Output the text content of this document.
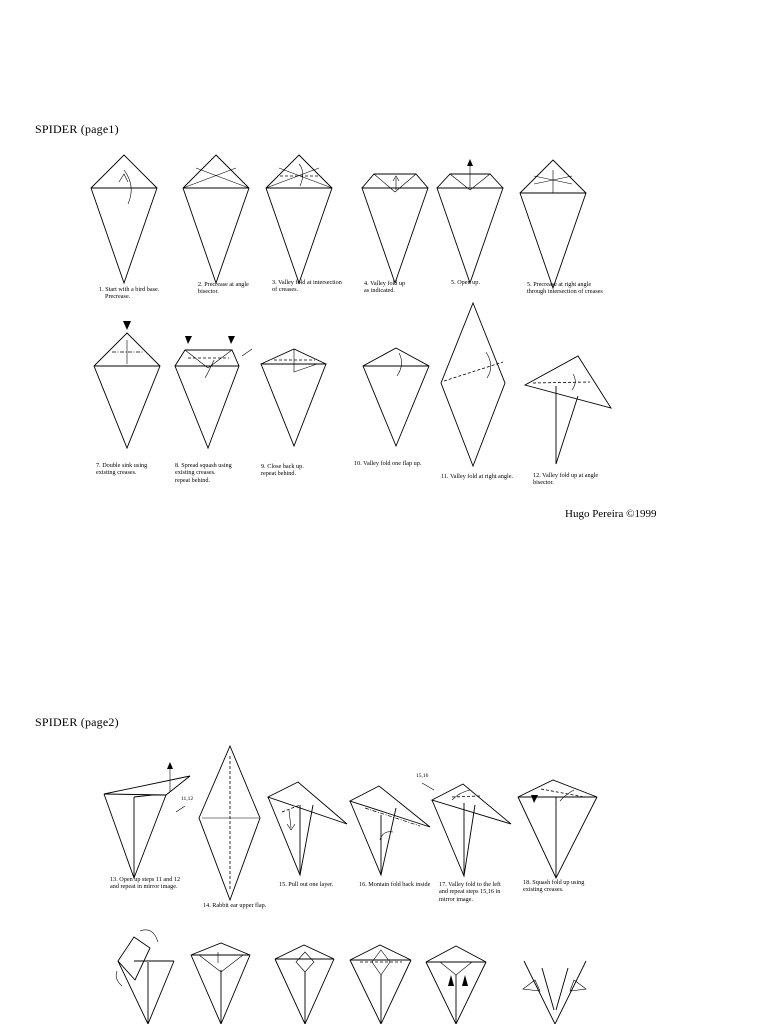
SPIDER (page1)
SPIDER (page2)
1. Start with a bird base.
Precrease.
2. Precrease at angle
bisector.
3. Valley fold at intersection
of creases.
4. Valley fold up
as indicated.
5. Open up.	5. Precrease at right angle
through intersection of creases
7. Double sink using
existing creases.
8. Spread squash using
existing creases.
repeat behind.
9. Close back up.
repeat behind.
10. Valley fold one flap up.
11. Valley fold at right angle.	12. Valley fold up at angle
bisector.
Hugo Pereira ©1999
11,12
15,16
13. Open up steps 11 and 12
and repeat in mirror image.
14. Rabbit ear upper flap.
15. Pull out one layer.	16. Montain fold back inside	17. Valley fold to the left
and repeat steps 15,16 in
mirror image.
18. Squash fold up using
existing creases.
